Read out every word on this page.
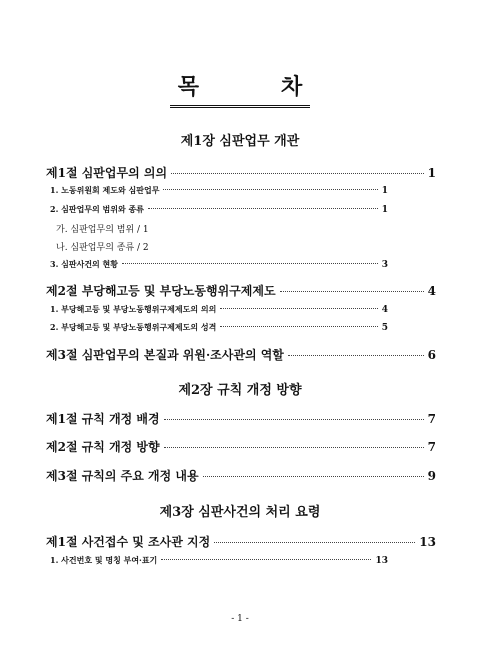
목	차
제1장 심판업무 개관
제1절 심판업무의 의의	1
1. 노동위원회 제도와 심판업무	1
2. 심판업무의 범위와 종류	1
가. 심판업무의 범위 / 1
나. 심판업무의 종류 / 2
3. 심판사건의 현황	3
제2절 부당해고등 및 부당노동행위구제제도	4
1. 부당해고등 및 부당노동행위구제제도의 의의	4
2. 부당해고등 및 부당노동행위구제제도의 성격	5
제3절 심판업무의 본질과 위원·조사관의 역할	6
제2장 규칙 개정 방향
제1절 규칙 개정 배경	7
제2절 규칙 개정 방향	7
제3절 규칙의 주요 개정 내용	9
제3장 심판사건의 처리 요령
제1절 사건접수 및 조사관 지정	13
1. 사건번호 및 명칭 부여·표기	13
- 1 -
